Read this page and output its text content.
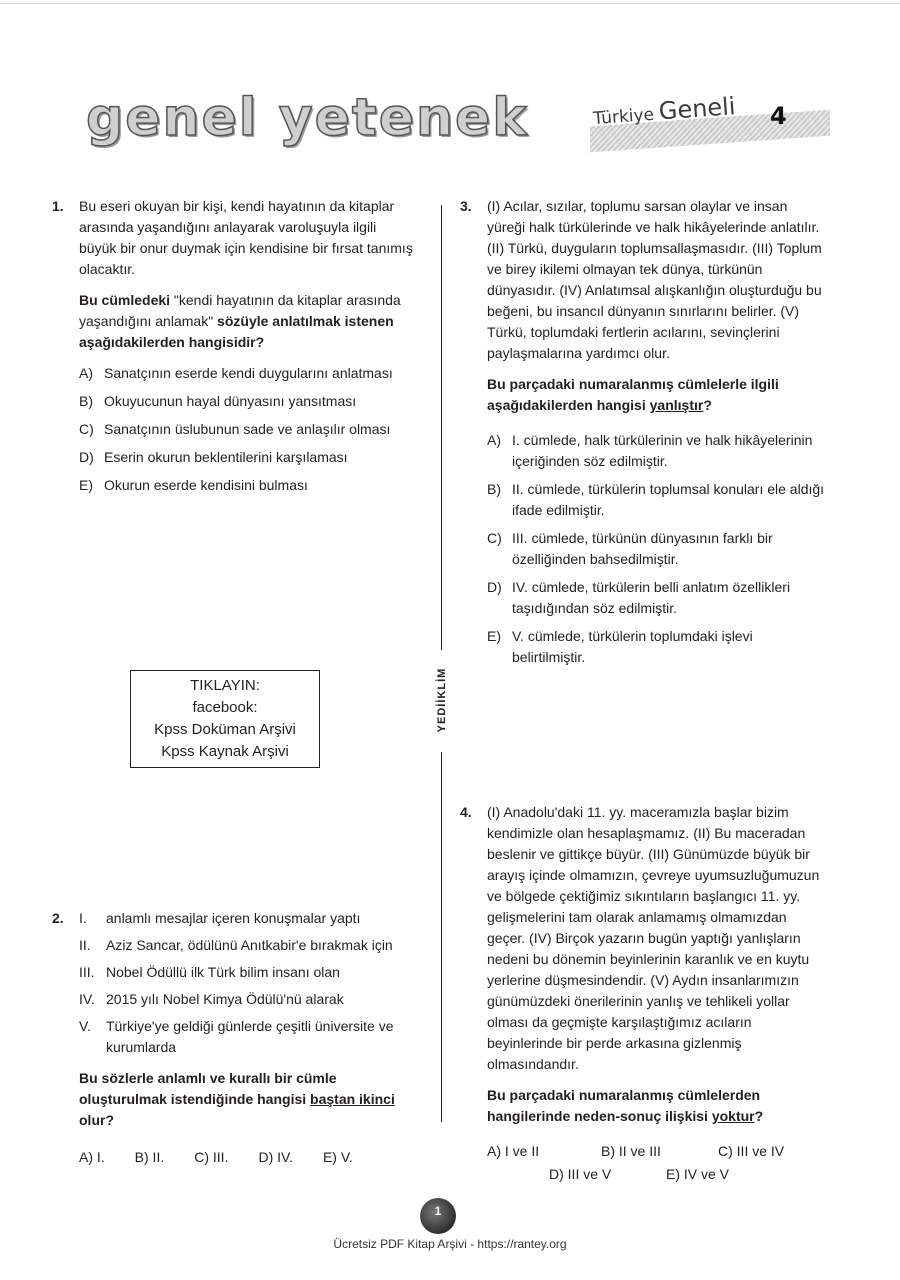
genel yetenek	Türkiye Geneli 4
1. Bu eseri okuyan bir kişi, kendi hayatının da kitaplar arasında yaşandığını anlayarak varoluşuyla ilgili büyük bir onur duymak için kendisine bir fırsat tanımış olacaktır.

Bu cümledeki "kendi hayatının da kitaplar arasında yaşandığını anlamak" sözüyle anlatılmak istenen aşağıdakilerden hangisidir?

A) Sanatçının eserde kendi duygularını anlatması
B) Okuyucunun hayal dünyasını yansıtması
C) Sanatçının üslubunun sade ve anlaşılır olması
D) Eserin okurun beklentilerini karşılaması
E) Okurun eserde kendisini bulması
2. I.	anlamlı mesajlar içeren konuşmalar yaptı
II.	Aziz Sancar, ödülünü Anıtkabir'e bırakmak için
III. Nobel Ödüllü ilk Türk bilim insanı olan
IV. 2015 yılı Nobel Kimya Ödülü'nü alarak
V.	Türkiye'ye geldiği günlerde çeşitli üniversite ve kurumlarda

Bu sözlerle anlamlı ve kurallı bir cümle oluşturulmak istendiğinde hangisi baştan ikinci olur?

A) I. B) II. C) III. D) IV. E) V.
TIKLAYIN:
facebook:
Kpss Doküman Arşivi
Kpss Kaynak Arşivi
YEDİİKLİM
3. (I) Acılar, sızılar, toplumu sarsan olaylar ve insan yüreği halk türkülerinde ve halk hikâyelerinde anlatılır. (II) Türkü, duyguların toplumsallaşmasıdır. (III) Toplum ve birey ikilemi olmayan tek dünya, türkünün dünyasıdır. (IV) Anlatımsal alışkanlığın oluşturduğu bu beğeni, bu insancıl dünyanın sınırlarını belirler. (V) Türkü, toplumdaki fertlerin acılarını, sevinçlerini paylaşmalarına yardımcı olur.

Bu parçadaki numaralanmış cümlelerle ilgili aşağıdakilerden hangisi yanlıştır?

A) I. cümlede, halk türkülerinin ve halk hikâyelerinin içeriğinden söz edilmiştir.
B) II. cümlede, türkülerin toplumsal konuları ele aldığı ifade edilmiştir.
C) III. cümlede, türkünün dünyasının farklı bir özelliğinden bahsedilmiştir.
D) IV. cümlede, türkülerin belli anlatım özellikleri taşıdığından söz edilmiştir.
E) V. cümlede, türkülerin toplumdaki işlevi belirtilmiştir.
4. (I) Anadolu'daki 11. yy. maceramızla başlar bizim kendimizle olan hesaplaşmamız. (II) Bu maceradan beslenir ve gittikçe büyür. (III) Günümüzde büyük bir arayış içinde olmamızın, çevreye uyumsuzluğumuzun ve bölgede çektiğimiz sıkıntıların başlangıcı 11. yy. gelişmelerini tam olarak anlamamış olmamızdan geçer. (IV) Birçok yazarın bugün yaptığı yanlışların nedeni bu dönemin beyinlerinin karanlık ve en kuytu yerlerine düşmesindendir. (V) Aydın insanlarımızın günümüzdeki önerilerinin yanlış ve tehlikeli yollar olması da geçmişte karşılaştığımız acıların beyinlerinde bir perde arkasına gizlenmiş olmasındandır.

Bu parçadaki numaralanmış cümlelerden hangilerinde neden-sonuç ilişkisi yoktur?

A) I ve II	B) II ve III	C) III ve IV
D) III ve V	E) IV ve V
1
Ücretsiz PDF Kitap Arşivi - https://rantey.org
